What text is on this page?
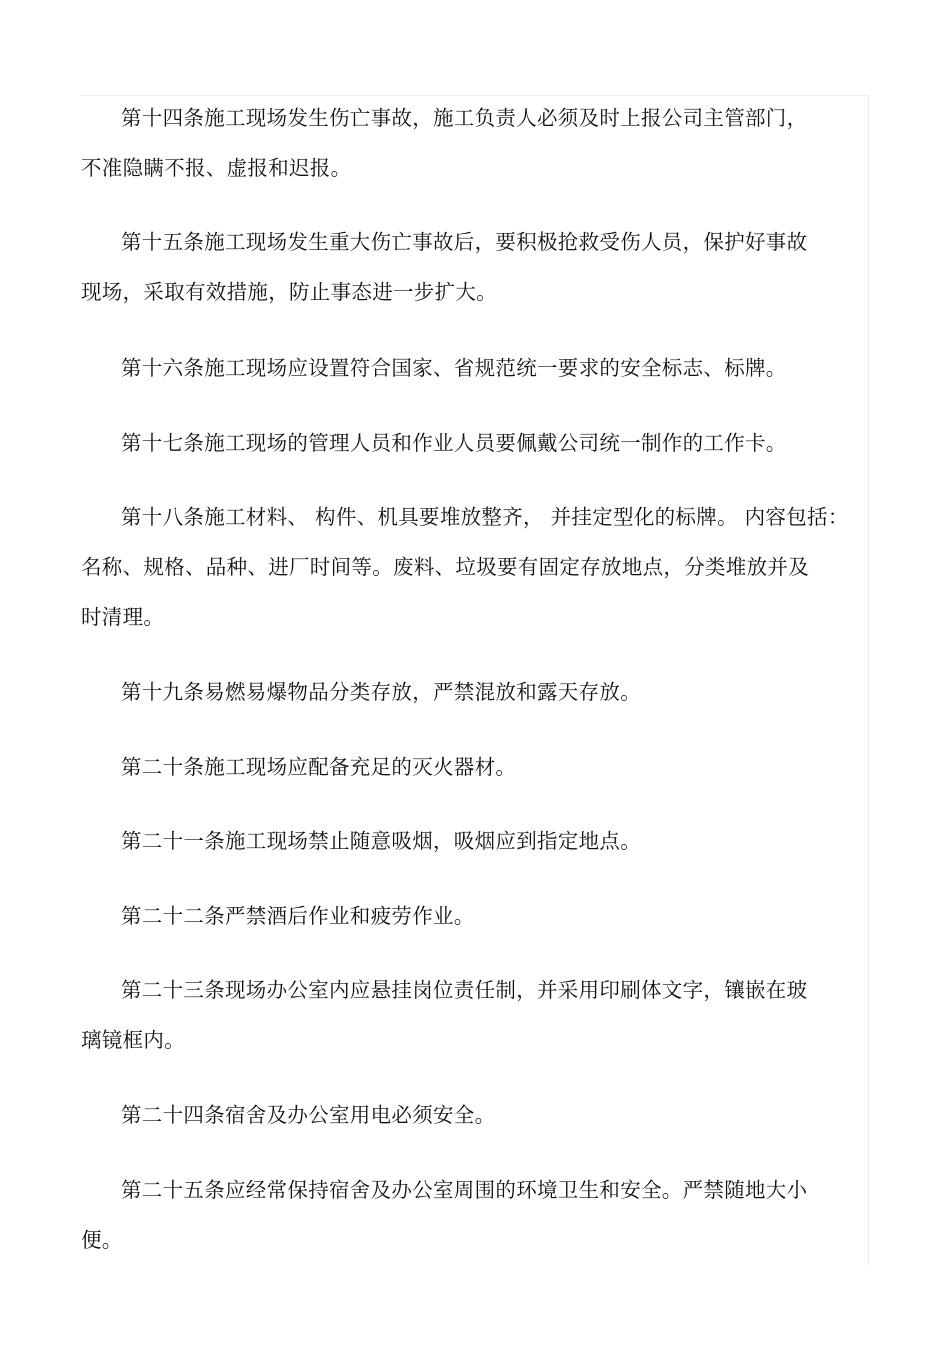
第十四条施工现场发生伤亡事故，施工负责人必须及时上报公司主管部门，
不准隐瞒不报、虚报和迟报。

第十五条施工现场发生重大伤亡事故后，要积极抢救受伤人员，保护好事故
现场，采取有效措施，防止事态进一步扩大。

第十六条施工现场应设置符合国家、省规范统一要求的安全标志、标牌。

第十七条施工现场的管理人员和作业人员要佩戴公司统一制作的工作卡。

第十八条施工材料、 构件、机具要堆放整齐， 并挂定型化的标牌。 内容包括：
名称、规格、品种、进厂时间等。废料、垃圾要有固定存放地点，分类堆放并及
时清理。

第十九条易燃易爆物品分类存放，严禁混放和露天存放。

第二十条施工现场应配备充足的灭火器材。

第二十一条施工现场禁止随意吸烟，吸烟应到指定地点。

第二十二条严禁酒后作业和疲劳作业。

第二十三条现场办公室内应悬挂岗位责任制，并采用印刷体文字，镶嵌在玻
璃镜框内。

第二十四条宿舍及办公室用电必须安全。

第二十五条应经常保持宿舍及办公室周围的环境卫生和安全。严禁随地大小
便。
